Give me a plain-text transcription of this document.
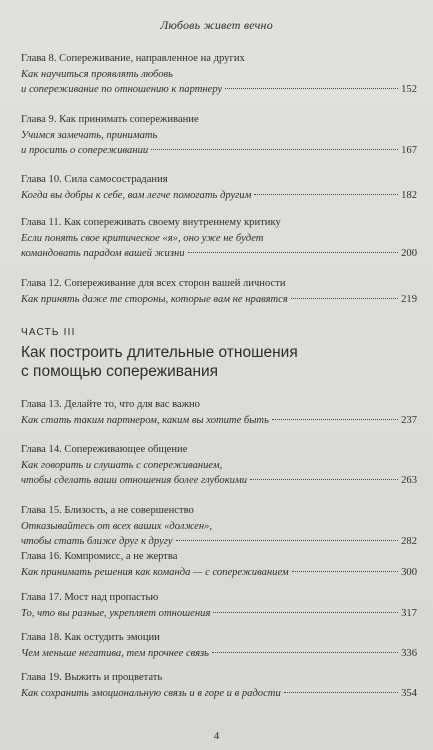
Любовь живет вечно
Глава 8. Сопереживание, направленное на других
Как научиться проявлять любовь
и сопереживание по отношению к партнеру	152
Глава 9. Как принимать сопереживание
Учимся замечать, принимать
и просить о сопереживании	167
Глава 10. Сила самосострадания
Когда вы добры к себе, вам легче помогать другим	182
Глава 11. Как сопереживать своему внутреннему критику
Если понять свое критическое «я», оно уже не будет
командовать парадом вашей жизни	200
Глава 12. Сопереживание для всех сторон вашей личности
Как принять даже те стороны, которые вам не нравятся	219
ЧАСТЬ III
Как построить длительные отношения
с помощью сопереживания
Глава 13. Делайте то, что для вас важно
Как стать таким партнером, каким вы хотите быть	237
Глава 14. Сопереживающее общение
Как говорить и слушать с сопереживанием,
чтобы сделать ваши отношения более глубокими	263
Глава 15. Близость, а не совершенство
Отказывайтесь от всех ваших «должен»,
чтобы стать ближе друг к другу	282
Глава 16. Компромисс, а не жертва
Как принимать решения как команда — с сопереживанием	300
Глава 17. Мост над пропастью
То, что вы разные, укрепляет отношения	317
Глава 18. Как остудить эмоции
Чем меньше негатива, тем прочнее связь	336
Глава 19. Выжить и процветать
Как сохранить эмоциональную связь и в горе и в радости	354
4
